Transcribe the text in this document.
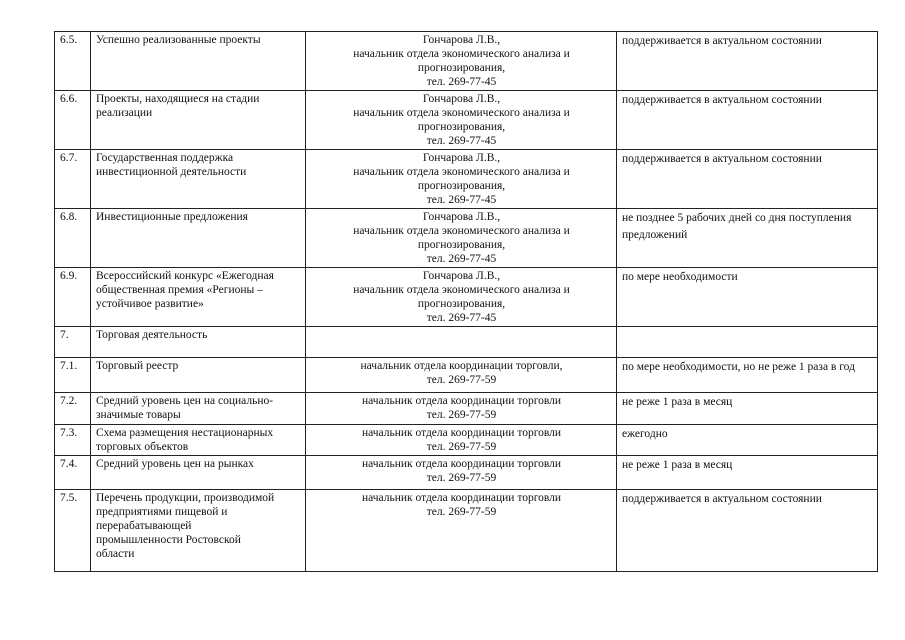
6.5.	Успешно реализованные проекты	Гончарова Л.В.,
начальник отдела экономического анализа и
прогнозирования,
тел. 269-77-45	поддерживается в актуальном состоянии
6.6.	Проекты, находящиеся на стадии
реализации	Гончарова Л.В.,
начальник отдела экономического анализа и
прогнозирования,
тел. 269-77-45	поддерживается в актуальном состоянии
6.7.	Государственная поддержка
инвестиционной деятельности	Гончарова Л.В.,
начальник отдела экономического анализа и
прогнозирования,
тел. 269-77-45	поддерживается в актуальном состоянии
6.8.	Инвестиционные предложения	Гончарова Л.В.,
начальник отдела экономического анализа и
прогнозирования,
тел. 269-77-45	не позднее 5 рабочих дней со дня поступления предложений
6.9.	Всероссийский конкурс «Ежегодная
общественная премия «Регионы –
устойчивое развитие»	Гончарова Л.В.,
начальник отдела экономического анализа и
прогнозирования,
тел. 269-77-45	по мере необходимости
7.	Торговая деятельность		
7.1.	Торговый реестр	начальник отдела координации торговли,
тел. 269-77-59	по мере необходимости, но не реже 1 раза в год
7.2.	Средний уровень цен на социально-
значимые товары	начальник отдела координации торговли
тел. 269-77-59	не реже 1 раза в месяц
7.3.	Схема размещения нестационарных
торговых объектов	начальник отдела координации торговли
тел. 269-77-59	ежегодно
7.4.	Средний уровень цен на рынках	начальник отдела координации торговли
тел. 269-77-59	не реже 1 раза в месяц
7.5.	Перечень продукции, производимой
предприятиями пищевой и
перерабатывающей
промышленности Ростовской
области	начальник отдела координации торговли
тел. 269-77-59	поддерживается в актуальном состоянии
